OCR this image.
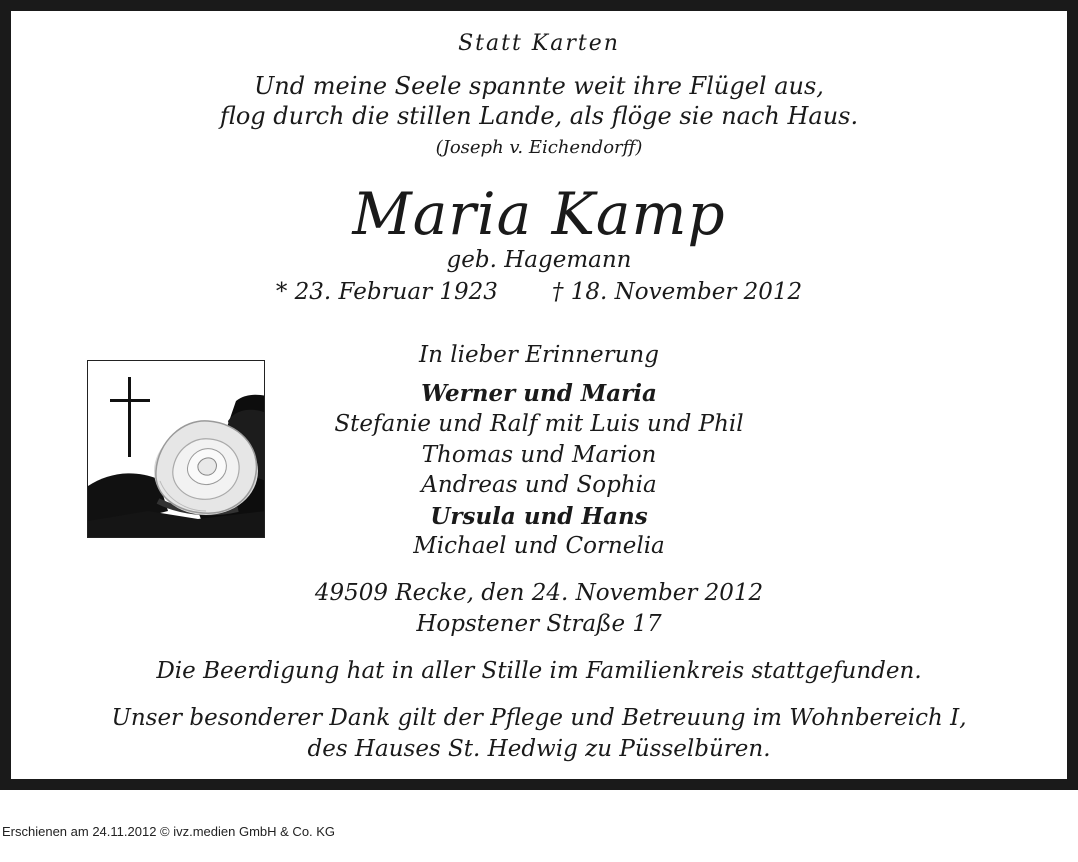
Statt Karten
Und meine Seele spannte weit ihre Flügel aus,
flog durch die stillen Lande, als flöge sie nach Haus.
(Joseph v. Eichendorff)
Maria Kamp
geb. Hagemann
* 23. Februar 1923 † 18. November 2012
In lieber Erinnerung
Werner und Maria
Stefanie und Ralf mit Luis und Phil
Thomas und Marion
Andreas und Sophia
Ursula und Hans
Michael und Cornelia
49509 Recke, den 24. November 2012
Hopstener Straße 17
Die Beerdigung hat in aller Stille im Familienkreis stattgefunden.
Unser besonderer Dank gilt der Pflege und Betreuung im Wohnbereich I,
des Hauses St. Hedwig zu Püsselbüren.
Erschienen am 24.11.2012 © ivz.medien GmbH & Co. KG
